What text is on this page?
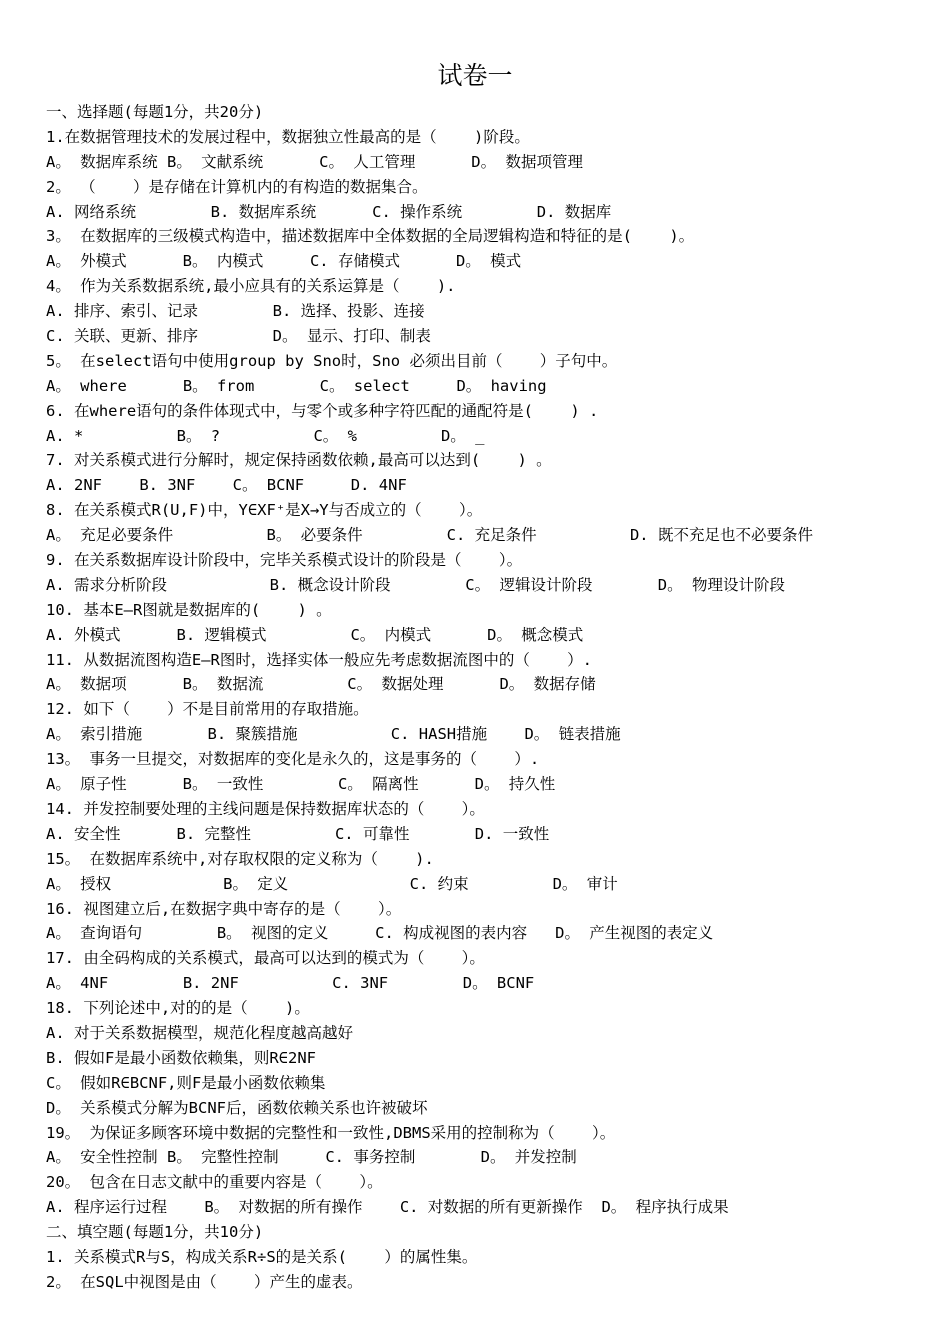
试卷一
一、选择题(每题1分，共20分)
1.在数据管理技术的发展过程中，数据独立性最高的是（    )阶段。
A。 数据库系统 B。 文献系统      C。 人工管理      D。 数据项管理
2。 （    ）是存储在计算机内的有构造的数据集合。
A. 网络系统        B. 数据库系统      C. 操作系统        D. 数据库
3。 在数据库的三级模式构造中，描述数据库中全体数据的全局逻辑构造和特征的是(    )。
A。 外模式      B。 内模式     C. 存储模式      D。 模式
4。 作为关系数据系统,最小应具有的关系运算是（    ).
A. 排序、索引、记录        B. 选择、投影、连接
C. 关联、更新、排序        D。 显示、打印、制表
5。 在select语句中使用group by Sno时，Sno 必须出目前（    ）子句中。
A。 where      B。 from       C。 select     D。 having
6. 在where语句的条件体现式中，与零个或多种字符匹配的通配符是(    ) .
A. *          B。 ?          C。 %         D。 _
7. 对关系模式进行分解时，规定保持函数依赖,最高可以达到(    ) 。
A. 2NF    B. 3NF    C。 BCNF     D. 4NF
8. 在关系模式R(U,F)中，Y∈XF⁺是X→Y与否成立的（    ）。
A。 充足必要条件          B。 必要条件         C. 充足条件          D. 既不充足也不必要条件
9. 在关系数据库设计阶段中，完毕关系模式设计的阶段是（    ）。
A. 需求分析阶段           B. 概念设计阶段        C。 逻辑设计阶段       D。 物理设计阶段
10. 基本E—R图就是数据库的(    ) 。
A. 外模式      B. 逻辑模式         C。 内模式      D。 概念模式
11. 从数据流图构造E—R图时，选择实体一般应先考虑数据流图中的（    ）.
A。 数据项      B。 数据流         C。 数据处理      D。 数据存储
12. 如下（    ）不是目前常用的存取措施。
A。 索引措施       B. 聚簇措施          C. HASH措施    D。 链表措施
13。 事务一旦提交，对数据库的变化是永久的，这是事务的（    ）.
A。 原子性      B。 一致性        C。 隔离性      D。 持久性
14. 并发控制要处理的主线问题是保持数据库状态的（    ）。
A. 安全性      B. 完整性         C. 可靠性       D. 一致性
15。 在数据库系统中,对存取权限的定义称为（    ).
A。 授权            B。 定义             C. 约束         D。 审计
16. 视图建立后,在数据字典中寄存的是（    ）。
A。 查询语句        B。 视图的定义     C. 构成视图的表内容   D。 产生视图的表定义
17. 由全码构成的关系模式，最高可以达到的模式为（    ）。
A。 4NF        B. 2NF          C. 3NF        D。 BCNF
18. 下列论述中,对的的是（    )。
A. 对于关系数据模型，规范化程度越高越好
B. 假如F是最小函数依赖集，则R∈2NF
C。 假如R∈BCNF,则F是最小函数依赖集
D。 关系模式分解为BCNF后，函数依赖关系也许被破坏
19。 为保证多顾客环境中数据的完整性和一致性,DBMS采用的控制称为（    ）。
A。 安全性控制 B。 完整性控制     C. 事务控制       D。 并发控制
20。 包含在日志文献中的重要内容是（    ）。
A. 程序运行过程    B。 对数据的所有操作    C. 对数据的所有更新操作  D。 程序执行成果
二、填空题(每题1分，共10分)
1. 关系模式R与S，构成关系R÷S的是关系(    ）的属性集。
2。 在SQL中视图是由（    ）产生的虚表。
